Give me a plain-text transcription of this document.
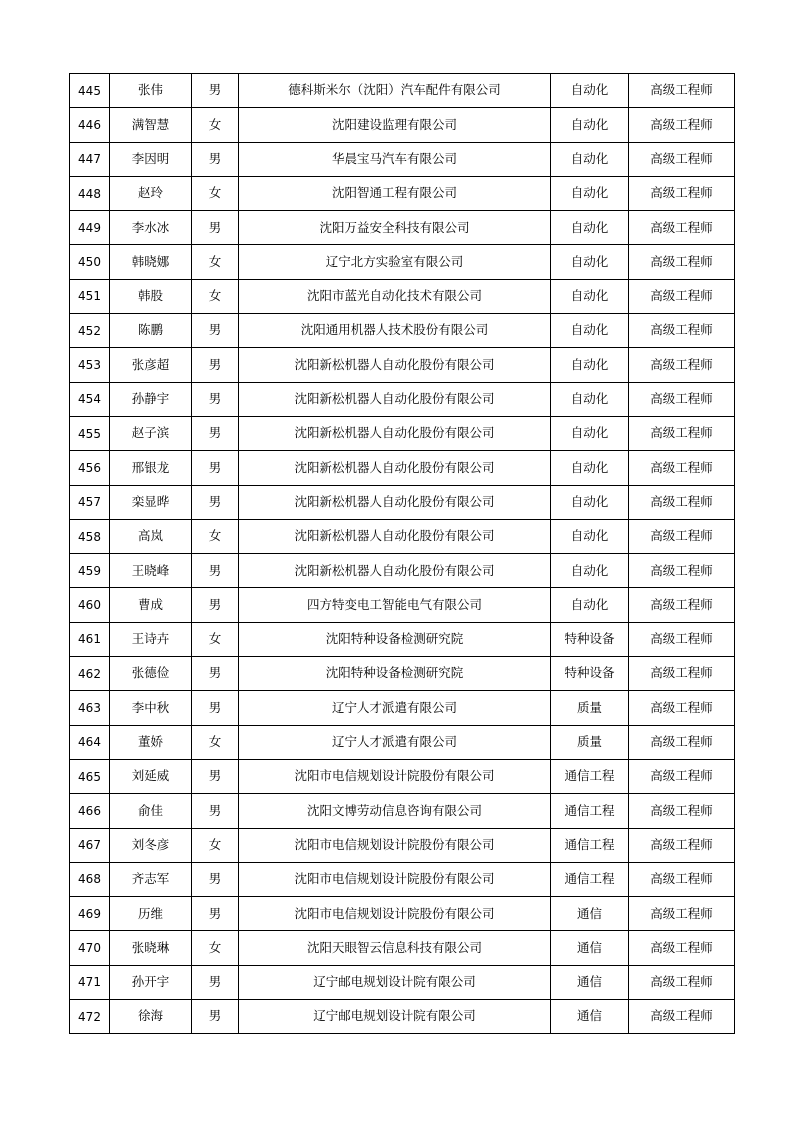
445	张伟	男	德科斯米尔（沈阳）汽车配件有限公司	自动化	高级工程师
446	满智慧	女	沈阳建设监理有限公司	自动化	高级工程师
447	李因明	男	华晨宝马汽车有限公司	自动化	高级工程师
448	赵玲	女	沈阳智通工程有限公司	自动化	高级工程师
449	李水冰	男	沈阳万益安全科技有限公司	自动化	高级工程师
450	韩晓娜	女	辽宁北方实验室有限公司	自动化	高级工程师
451	韩股	女	沈阳市蓝光自动化技术有限公司	自动化	高级工程师
452	陈鹏	男	沈阳通用机器人技术股份有限公司	自动化	高级工程师
453	张彦超	男	沈阳新松机器人自动化股份有限公司	自动化	高级工程师
454	孙静宇	男	沈阳新松机器人自动化股份有限公司	自动化	高级工程师
455	赵子滨	男	沈阳新松机器人自动化股份有限公司	自动化	高级工程师
456	邢银龙	男	沈阳新松机器人自动化股份有限公司	自动化	高级工程师
457	栾显晔	男	沈阳新松机器人自动化股份有限公司	自动化	高级工程师
458	高岚	女	沈阳新松机器人自动化股份有限公司	自动化	高级工程师
459	王晓峰	男	沈阳新松机器人自动化股份有限公司	自动化	高级工程师
460	曹成	男	四方特变电工智能电气有限公司	自动化	高级工程师
461	王诗卉	女	沈阳特种设备检测研究院	特种设备	高级工程师
462	张德俭	男	沈阳特种设备检测研究院	特种设备	高级工程师
463	李中秋	男	辽宁人才派遣有限公司	质量	高级工程师
464	董娇	女	辽宁人才派遣有限公司	质量	高级工程师
465	刘延威	男	沈阳市电信规划设计院股份有限公司	通信工程	高级工程师
466	俞佳	男	沈阳文博劳动信息咨询有限公司	通信工程	高级工程师
467	刘冬彦	女	沈阳市电信规划设计院股份有限公司	通信工程	高级工程师
468	齐志军	男	沈阳市电信规划设计院股份有限公司	通信工程	高级工程师
469	历维	男	沈阳市电信规划设计院股份有限公司	通信	高级工程师
470	张晓琳	女	沈阳天眼智云信息科技有限公司	通信	高级工程师
471	孙开宇	男	辽宁邮电规划设计院有限公司	通信	高级工程师
472	徐海	男	辽宁邮电规划设计院有限公司	通信	高级工程师
